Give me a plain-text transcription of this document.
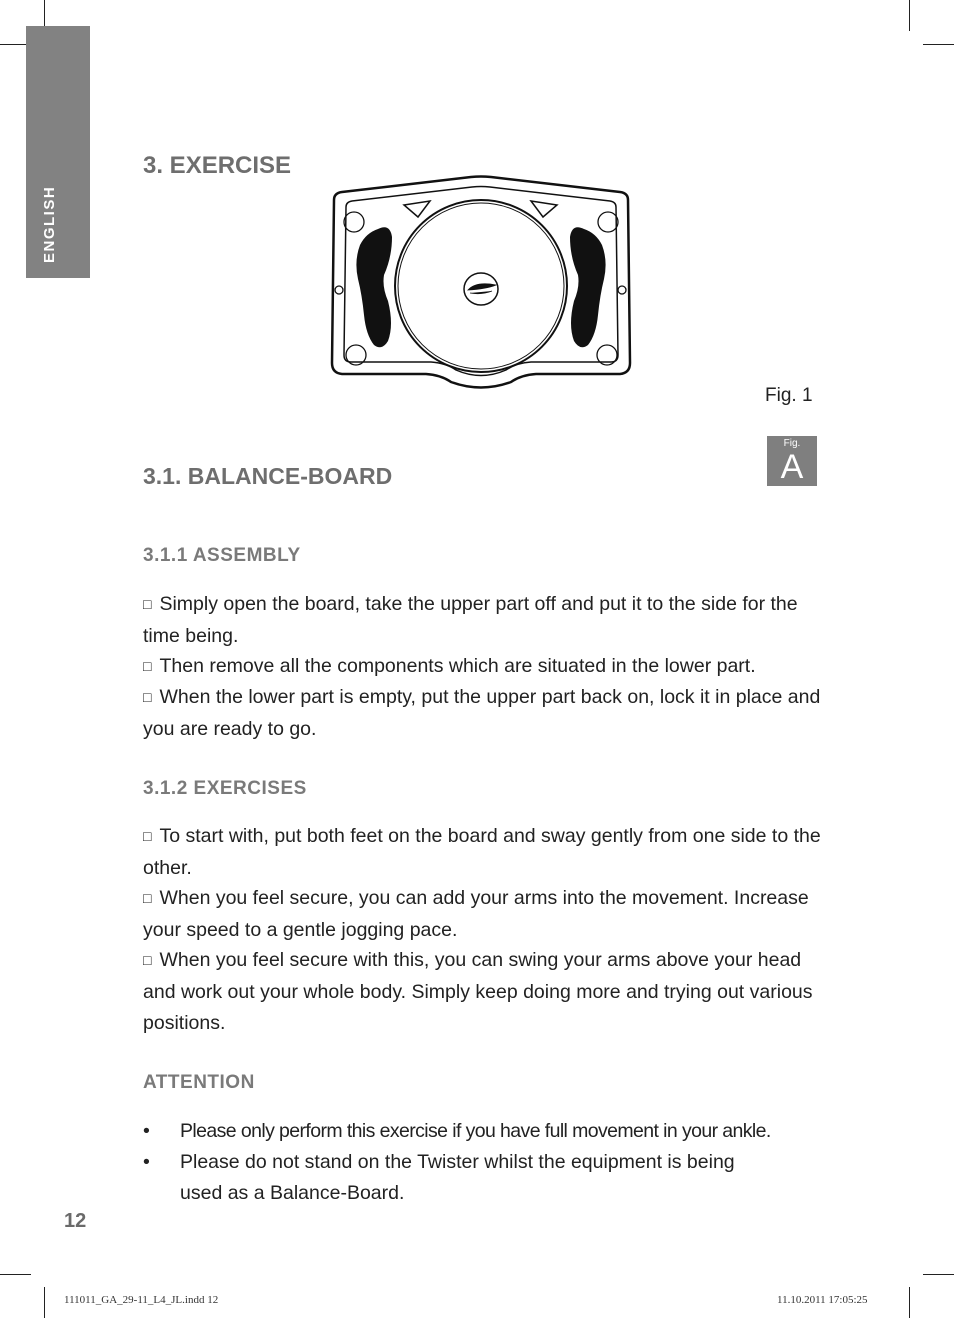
ENGLISH
3. EXERCISE
Fig. 1
3.1. BALANCE-BOARD
Fig.
A
3.1.1 ASSEMBLY

□ Simply open the board, take the upper part off and put it to the side for the time being.

□ Then remove all the components which are situated in the lower part.

□ When the lower part is empty, put the upper part back on, lock it in place and you are ready to go.

3.1.2 EXERCISES

□ To start with, put both feet on the board and sway gently from one side to the other.

□ When you feel secure, you can add your arms into the movement. Increase your speed to a gentle jogging pace.

□ When you feel secure with this, you can swing your arms above your head and work out your whole body. Simply keep doing more and trying out various positions.

ATTENTION
• Please only perform this exercise if you have full movement in your ankle.
• Please do not stand on the Twister whilst the equipment is being used as a Balance-Board.
12
111011_GA_29-11_L4_JL.indd 12	11.10.2011 17:05:25
